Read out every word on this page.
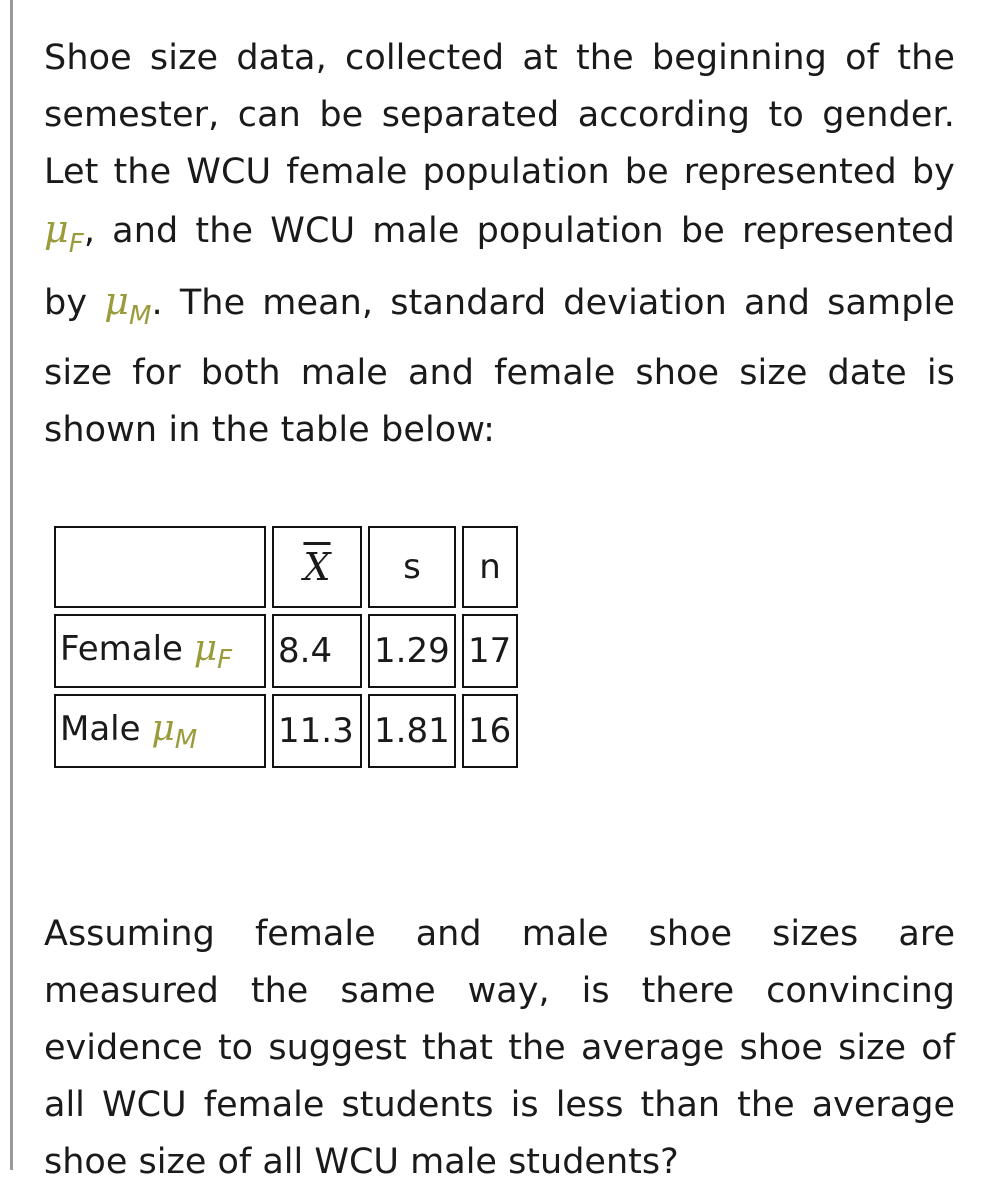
Shoe size data, collected at the beginning of the semester, can be separated according to gender. Let the WCU female population be represented by $\mu_F$, and the WCU male population be represented by $\mu_M$. The mean, standard deviation and sample size for both male and female shoe size date is shown in the table below:

	$\overline{X}$	s	n
Female $\mu_F$	8.4	1.29	17
Male $\mu_M$	11.3	1.81	16

Assuming female and male shoe sizes are measured the same way, is there convincing evidence to suggest that the average shoe size of all WCU female students is less than the average shoe size of all WCU male students?
